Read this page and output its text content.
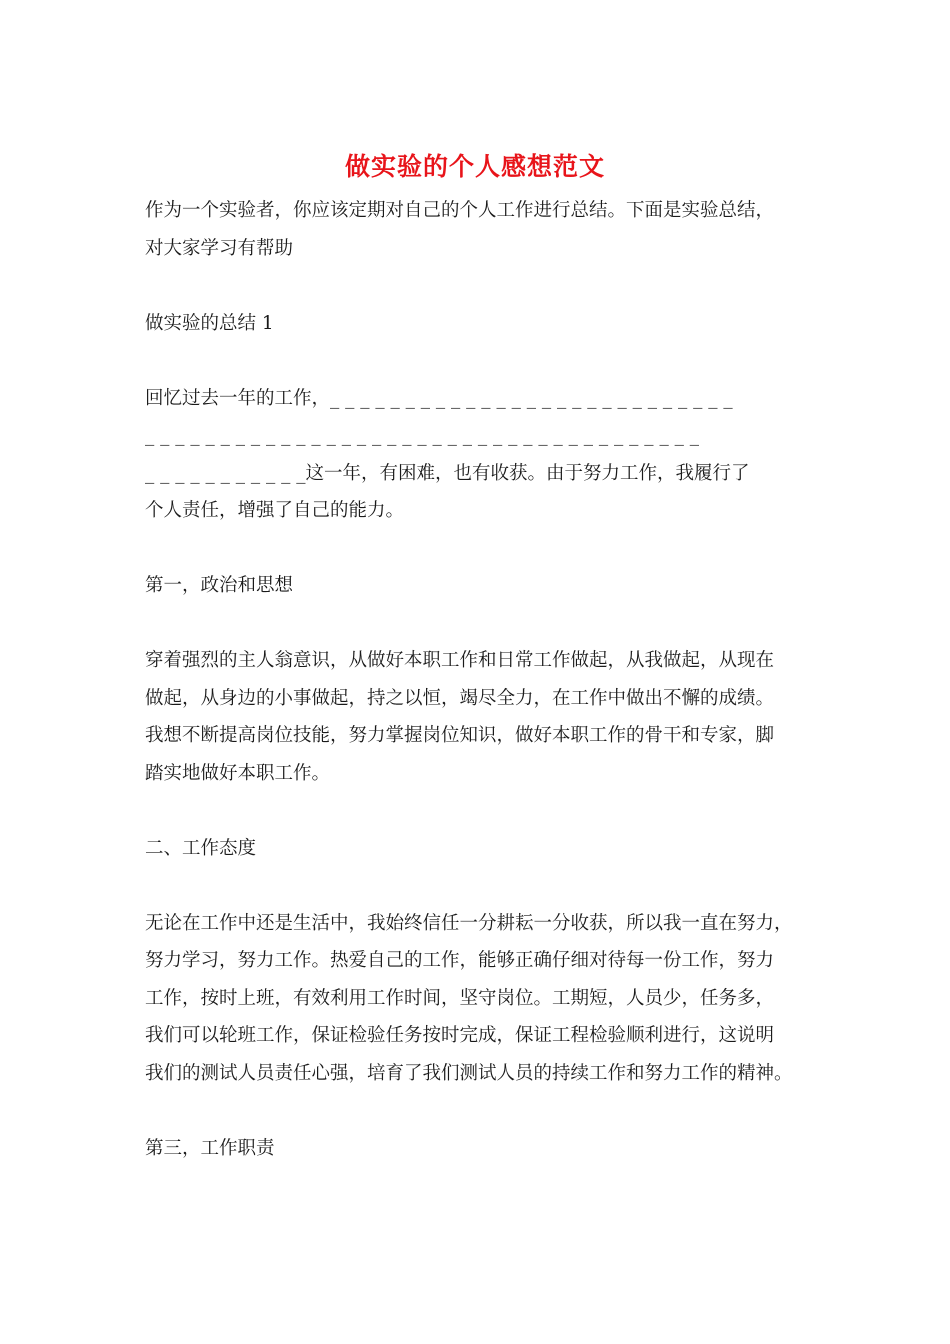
做实验的个人感想范文
作为一个实验者，你应该定期对自己的个人工作进行总结。下面是实验总结，
对大家学习有帮助
做实验的总结 1
回忆过去一年的工作，_ _ _ _ _ _ _ _ _ _ _ _ _ _ _ _ _ _ _ _ _ _ _ _ _ _ _
_ _ _ _ _ _ _ _ _ _ _ _ _ _ _ _ _ _ _ _ _ _ _ _ _ _ _ _ _ _ _ _ _ _ _ _ _
_ _ _ _ _ _ _ _ _ _ _这一年，有困难，也有收获。由于努力工作，我履行了
个人责任，增强了自己的能力。
第一，政治和思想
穿着强烈的主人翁意识，从做好本职工作和日常工作做起，从我做起，从现在
做起，从身边的小事做起，持之以恒，竭尽全力，在工作中做出不懈的成绩。
我想不断提高岗位技能，努力掌握岗位知识，做好本职工作的骨干和专家，脚
踏实地做好本职工作。
二、工作态度
无论在工作中还是生活中，我始终信任一分耕耘一分收获，所以我一直在努力，
努力学习，努力工作。热爱自己的工作，能够正确仔细对待每一份工作，努力
工作，按时上班，有效利用工作时间，坚守岗位。工期短，人员少，任务多，
我们可以轮班工作，保证检验任务按时完成，保证工程检验顺利进行，这说明
我们的测试人员责任心强，培育了我们测试人员的持续工作和努力工作的精神。
第三，工作职责
